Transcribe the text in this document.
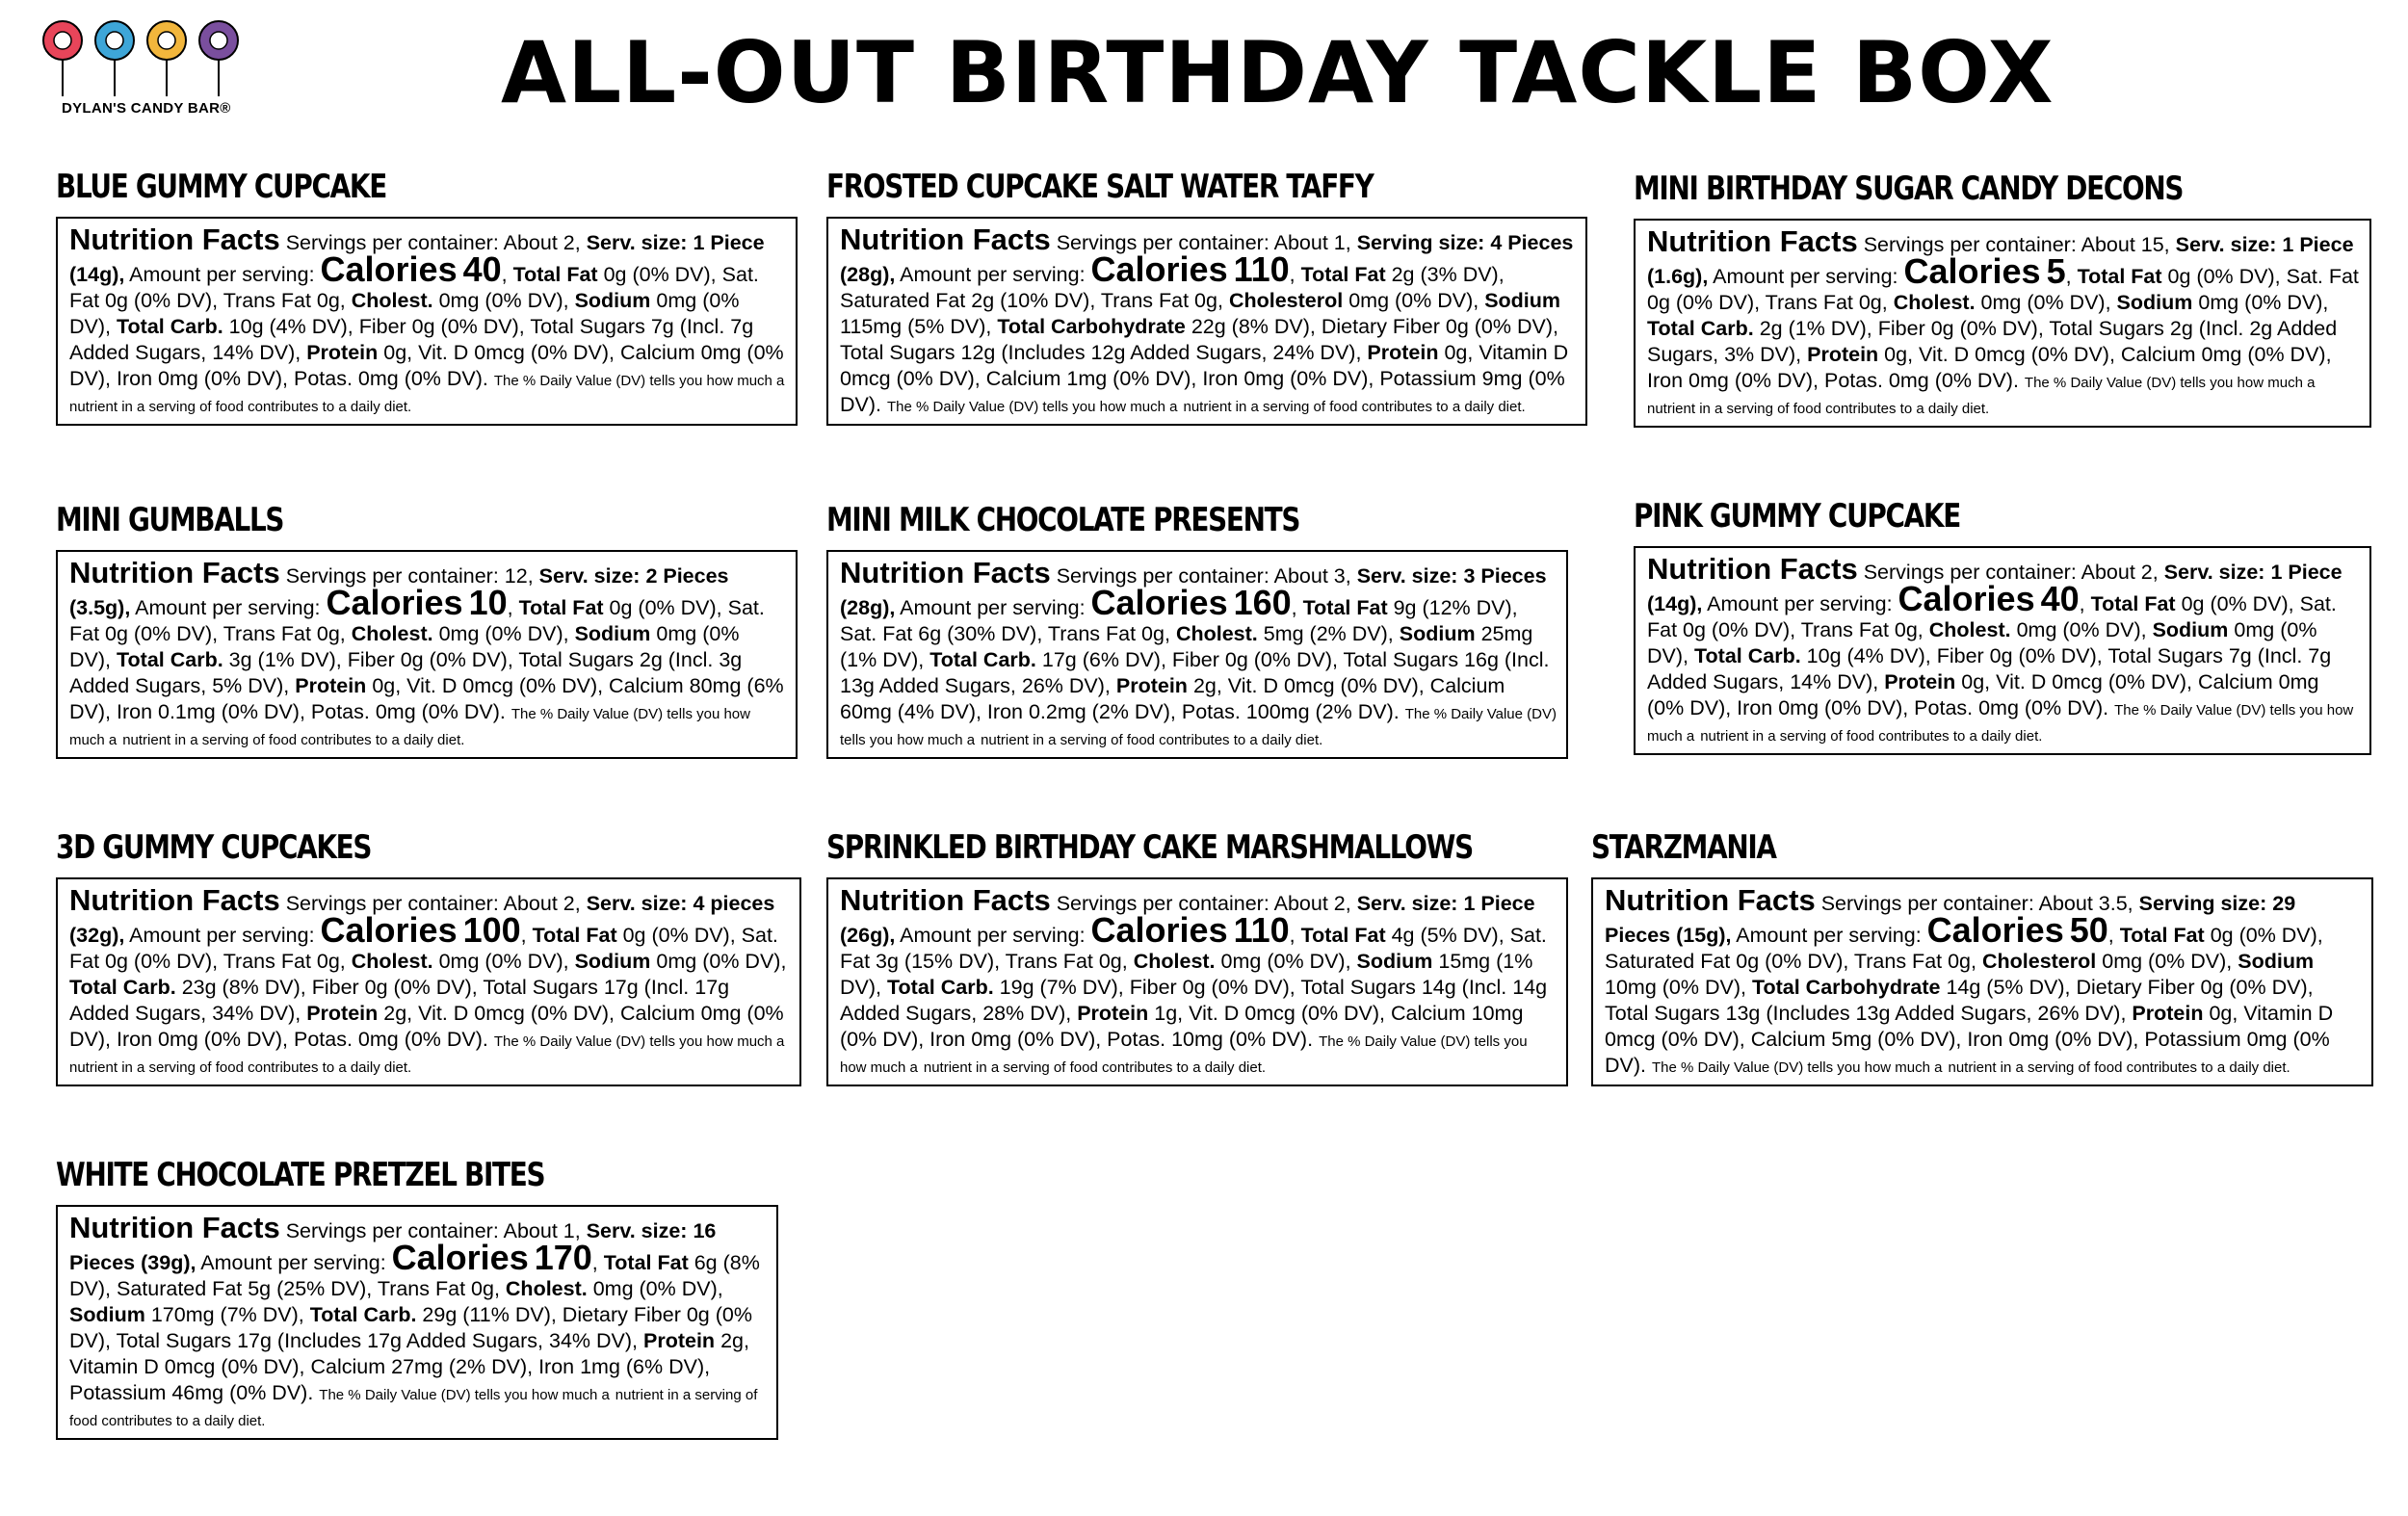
DYLAN'S CANDY BAR®	ALL-OUT BIRTHDAY TACKLE BOX
BLUE GUMMY CUPCAKE
Nutrition Facts Servings per container: About 2, Serv. size: 1 Piece (14g), Amount per serving: Calories 40, Total Fat 0g (0% DV), Sat. Fat 0g (0% DV), Trans Fat 0g, Cholest. 0mg (0% DV), Sodium 0mg (0% DV), Total Carb. 10g (4% DV), Fiber 0g (0% DV), Total Sugars 7g (Incl. 7g Added Sugars, 14% DV), Protein 0g, Vit. D 0mcg (0% DV), Calcium 0mg (0% DV), Iron 0mg (0% DV), Potas. 0mg (0% DV). The % Daily Value (DV) tells you how much a nutrient in a serving of food contributes to a daily diet.
FROSTED CUPCAKE SALT WATER TAFFY
Nutrition Facts Servings per container: About 1, Serving size: 4 Pieces (28g), Amount per serving: Calories 110, Total Fat 2g (3% DV), Saturated Fat 2g (10% DV), Trans Fat 0g, Cholesterol 0mg (0% DV), Sodium 115mg (5% DV), Total Carbohydrate 22g (8% DV), Dietary Fiber 0g (0% DV), Total Sugars 12g (Includes 12g Added Sugars, 24% DV), Protein 0g, Vitamin D 0mcg (0% DV), Calcium 1mg (0% DV), Iron 0mg (0% DV), Potassium 9mg (0% DV). The % Daily Value (DV) tells you how much a nutrient in a serving of food contributes to a daily diet.
MINI BIRTHDAY SUGAR CANDY DECONS
Nutrition Facts Servings per container: About 15, Serv. size: 1 Piece (1.6g), Amount per serving: Calories 5, Total Fat 0g (0% DV), Sat. Fat 0g (0% DV), Trans Fat 0g, Cholest. 0mg (0% DV), Sodium 0mg (0% DV), Total Carb. 2g (1% DV), Fiber 0g (0% DV), Total Sugars 2g (Incl. 2g Added Sugars, 3% DV), Protein 0g, Vit. D 0mcg (0% DV), Calcium 0mg (0% DV), Iron 0mg (0% DV), Potas. 0mg (0% DV). The % Daily Value (DV) tells you how much a nutrient in a serving of food contributes to a daily diet.
MINI GUMBALLS
Nutrition Facts Servings per container: 12, Serv. size: 2 Pieces (3.5g), Amount per serving: Calories 10, Total Fat 0g (0% DV), Sat. Fat 0g (0% DV), Trans Fat 0g, Cholest. 0mg (0% DV), Sodium 0mg (0% DV), Total Carb. 3g (1% DV), Fiber 0g (0% DV), Total Sugars 2g (Incl. 3g Added Sugars, 5% DV), Protein 0g, Vit. D 0mcg (0% DV), Calcium 80mg (6% DV), Iron 0.1mg (0% DV), Potas. 0mg (0% DV). The % Daily Value (DV) tells you how much a nutrient in a serving of food contributes to a daily diet.
MINI MILK CHOCOLATE PRESENTS
Nutrition Facts Servings per container: About 3, Serv. size: 3 Pieces (28g), Amount per serving: Calories 160, Total Fat 9g (12% DV), Sat. Fat 6g (30% DV), Trans Fat 0g, Cholest. 5mg (2% DV), Sodium 25mg (1% DV), Total Carb. 17g (6% DV), Fiber 0g (0% DV), Total Sugars 16g (Incl. 13g Added Sugars, 26% DV), Protein 2g, Vit. D 0mcg (0% DV), Calcium 60mg (4% DV), Iron 0.2mg (2% DV), Potas. 100mg (2% DV). The % Daily Value (DV) tells you how much a nutrient in a serving of food contributes to a daily diet.
PINK GUMMY CUPCAKE
Nutrition Facts Servings per container: About 2, Serv. size: 1 Piece (14g), Amount per serving: Calories 40, Total Fat 0g (0% DV), Sat. Fat 0g (0% DV), Trans Fat 0g, Cholest. 0mg (0% DV), Sodium 0mg (0% DV), Total Carb. 10g (4% DV), Fiber 0g (0% DV), Total Sugars 7g (Incl. 7g Added Sugars, 14% DV), Protein 0g, Vit. D 0mcg (0% DV), Calcium 0mg (0% DV), Iron 0mg (0% DV), Potas. 0mg (0% DV). The % Daily Value (DV) tells you how much a nutrient in a serving of food contributes to a daily diet.
3D GUMMY CUPCAKES
Nutrition Facts Servings per container: About 2, Serv. size: 4 pieces (32g), Amount per serving: Calories 100, Total Fat 0g (0% DV), Sat. Fat 0g (0% DV), Trans Fat 0g, Cholest. 0mg (0% DV), Sodium 0mg (0% DV), Total Carb. 23g (8% DV), Fiber 0g (0% DV), Total Sugars 17g (Incl. 17g Added Sugars, 34% DV), Protein 2g, Vit. D 0mcg (0% DV), Calcium 0mg (0% DV), Iron 0mg (0% DV), Potas. 0mg (0% DV). The % Daily Value (DV) tells you how much a nutrient in a serving of food contributes to a daily diet.
SPRINKLED BIRTHDAY CAKE MARSHMALLOWS
Nutrition Facts Servings per container: About 2, Serv. size: 1 Piece (26g), Amount per serving: Calories 110, Total Fat 4g (5% DV), Sat. Fat 3g (15% DV), Trans Fat 0g, Cholest. 0mg (0% DV), Sodium 15mg (1% DV), Total Carb. 19g (7% DV), Fiber 0g (0% DV), Total Sugars 14g (Incl. 14g Added Sugars, 28% DV), Protein 1g, Vit. D 0mcg (0% DV), Calcium 10mg (0% DV), Iron 0mg (0% DV), Potas. 10mg (0% DV). The % Daily Value (DV) tells you how much a nutrient in a serving of food contributes to a daily diet.
STARZMANIA
Nutrition Facts Servings per container: About 3.5, Serving size: 29 Pieces (15g), Amount per serving: Calories 50, Total Fat 0g (0% DV), Saturated Fat 0g (0% DV), Trans Fat 0g, Cholesterol 0mg (0% DV), Sodium 10mg (0% DV), Total Carbohydrate 14g (5% DV), Dietary Fiber 0g (0% DV), Total Sugars 13g (Includes 13g Added Sugars, 26% DV), Protein 0g, Vitamin D 0mcg (0% DV), Calcium 5mg (0% DV), Iron 0mg (0% DV), Potassium 0mg (0% DV). The % Daily Value (DV) tells you how much a nutrient in a serving of food contributes to a daily diet.
WHITE CHOCOLATE PRETZEL BITES
Nutrition Facts Servings per container: About 1, Serv. size: 16 Pieces (39g), Amount per serving: Calories 170, Total Fat 6g (8% DV), Saturated Fat 5g (25% DV), Trans Fat 0g, Cholest. 0mg (0% DV), Sodium 170mg (7% DV), Total Carb. 29g (11% DV), Dietary Fiber 0g (0% DV), Total Sugars 17g (Includes 17g Added Sugars, 34% DV), Protein 2g, Vitamin D 0mcg (0% DV), Calcium 27mg (2% DV), Iron 1mg (6% DV), Potassium 46mg (0% DV). The % Daily Value (DV) tells you how much a nutrient in a serving of food contributes to a daily diet.
